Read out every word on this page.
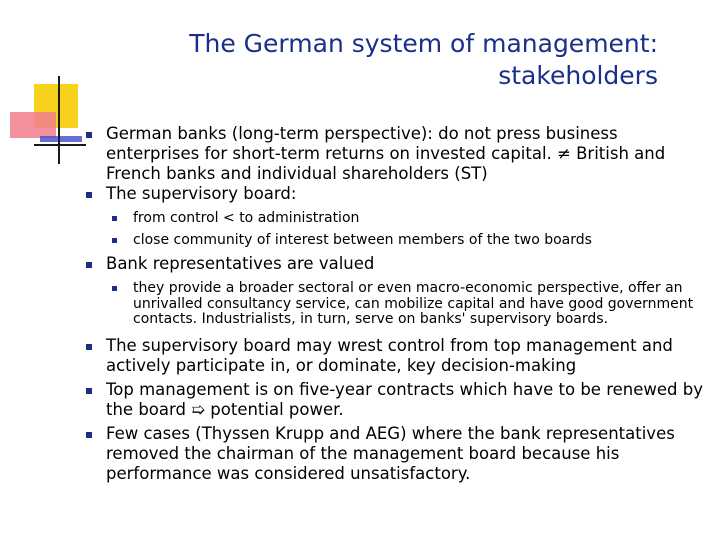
The German system of management:
stakeholders
German banks (long-term perspective): do not press business enterprises for short-term returns on invested capital. ≠ British and French banks and individual shareholders (ST)
The supervisory board:
from control < to administration
close community of interest between members of the two boards
Bank representatives are valued
they provide a broader sectoral or even macro-economic perspective, offer an unrivalled consultancy service, can mobilize capital and have good government contacts. Industrialists, in turn, serve on banks' supervisory boards.
The supervisory board may wrest control from top management and actively participate in, or dominate, key decision-making
Top management is on five-year contracts which have to be renewed by the board ➯ potential power.
Few cases (Thyssen Krupp and AEG) where the bank representatives removed the chairman of the management board because his performance was considered unsatisfactory.
